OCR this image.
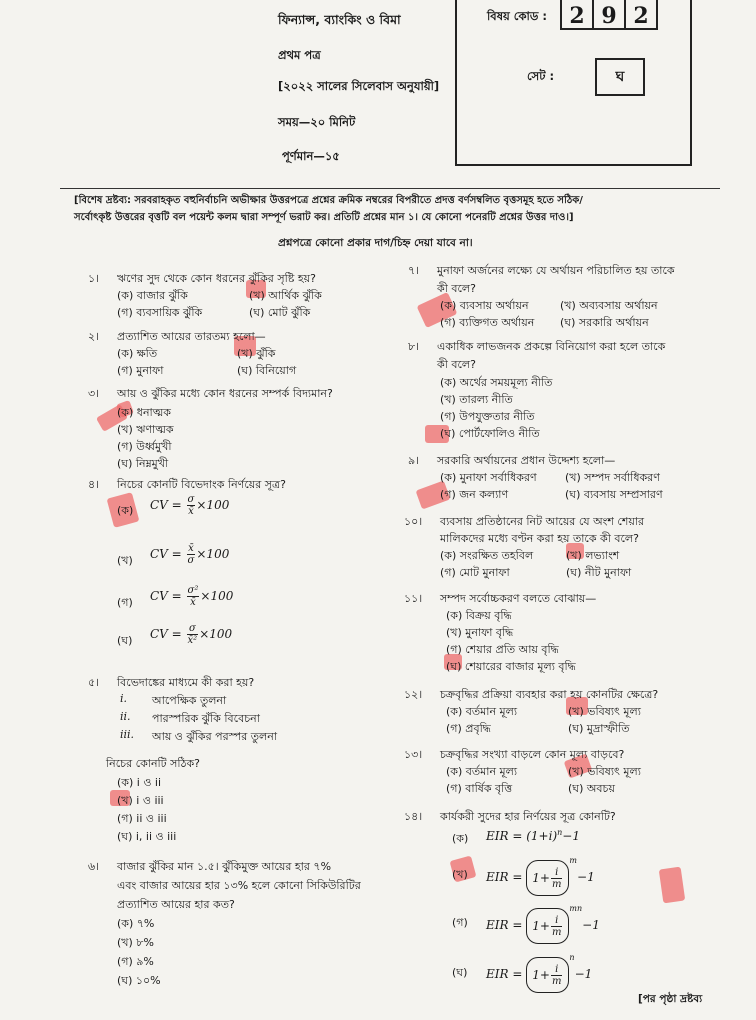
ফিন্যান্স, ব্যাংকিং ও বিমা
প্রথম পত্র
[২০২২ সালের সিলেবাস অনুযায়ী]
সময়—২০ মিনিট
পূর্ণমান—১৫
বিষয় কোড :	2 9 2
সেট :	ঘ
[বিশেষ দ্রষ্টব্য: সরবরাহকৃত বহুনির্বাচনি অভীক্ষার উত্তরপত্রে প্রশ্নের ক্রমিক নম্বরের বিপরীতে প্রদত্ত বর্ণসম্বলিত বৃত্তসমূহ হতে সঠিক/
সর্বোৎকৃষ্ট উত্তরের বৃত্তটি বল পয়েন্ট কলম দ্বারা সম্পূর্ণ ভরাট কর। প্রতিটি প্রশ্নের মান ১। যে কোনো পনেরটি প্রশ্নের উত্তর দাও।]
প্রশ্নপত্রে কোনো প্রকার দাগ/চিহ্ন দেয়া যাবে না।
১। ঋণের সুদ থেকে কোন ধরনের ঝুঁকির সৃষ্টি হয়?
(ক) বাজার ঝুঁকি	(খ) আর্থিক ঝুঁকি
(গ) ব্যবসায়িক ঝুঁকি	(ঘ) মোট ঝুঁকি
২। প্রত্যাশিত আয়ের তারতম্য হলো—
(ক) ক্ষতি	(খ) ঝুঁকি
(গ) মুনাফা	(ঘ) বিনিয়োগ
৩। আয় ও ঝুঁকির মধ্যে কোন ধরনের সম্পর্ক বিদ্যমান?
(ক) ধনাত্মক
(খ) ঋণাত্মক
(গ) উর্ধ্বমুখী
(ঘ) নিম্নমুখী
৪। নিচের কোনটি বিভেদাংক নির্ণয়ের সূত্র?
(ক) CV = $\frac{\sigma}{x̄} \times 100$
(খ) CV = $\frac{x̄}{\sigma} \times 100$
(গ) CV = $\frac{\text{σ²}}{x̄} \times 100$
(ঘ) CV = $\frac{\sigma}{\text{x̄²}} \times 100$
৫। বিভেদাঙ্কের মাধ্যমে কী করা হয়?
i. আপেক্ষিক তুলনা
ii. পারস্পরিক ঝুঁকি বিবেচনা
iii. আয় ও ঝুঁকির পরস্পর তুলনা
নিচের কোনটি সঠিক?
(ক) i ও ii
(খ) i ও iii
(গ) ii ও iii
(ঘ) i, ii ও iii
৬। বাজার ঝুঁকির মান ১.৫। ঝুঁকিমুক্ত আয়ের হার ৭%
এবং বাজার আয়ের হার ১৩% হলে কোনো সিকিউরিটির
প্রত্যাশিত আয়ের হার কত?
(ক) ৭%
(খ) ৮%
(গ) ৯%
(ঘ) ১০%
৭। মুনাফা অর্জনের লক্ষ্যে যে অর্থায়ন পরিচালিত হয় তাকে
কী বলে?
(ক) ব্যবসায় অর্থায়ন	(খ) অব্যবসায় অর্থায়ন
(গ) ব্যক্তিগত অর্থায়ন (ঘ) সরকারি অর্থায়ন
৮। একাধিক লাভজনক প্রকল্পে বিনিয়োগ করা হলে তাকে
কী বলে?
(ক) অর্থের সময়মূল্য নীতি
(খ) তারল্য নীতি
(গ) উপযুক্ততার নীতি
(ঘ) পোর্টফোলিও নীতি
৯। সরকারি অর্থায়নের প্রধান উদ্দেশ্য হলো—
(ক) মুনাফা সর্বাধিকরণ	(খ) সম্পদ সর্বাধিকরণ
(গ) জন কল্যাণ	(ঘ) ব্যবসায় সম্প্রসারণ
১০। ব্যবসায় প্রতিষ্ঠানের নিট আয়ের যে অংশ শেয়ার
মালিকদের মধ্যে বণ্টন করা হয় তাকে কী বলে?
(ক) সংরক্ষিত তহবিল	(খ) লভ্যাংশ
(গ) মোট মুনাফা	(ঘ) নীট মুনাফা
১১। সম্পদ সর্বোচ্চকরণ বলতে বোঝায়—
(ক) বিক্রয় বৃদ্ধি
(খ) মুনাফা বৃদ্ধি
(গ) শেয়ার প্রতি আয় বৃদ্ধি
(ঘ) শেয়ারের বাজার মূল্য বৃদ্ধি
১২। চক্রবৃদ্ধির প্রক্রিয়া ব্যবহার করা হয় কোনটির ক্ষেত্রে?
(ক) বর্তমান মূল্য	(খ) ভবিষ্যৎ মূল্য
(গ) প্রবৃদ্ধি	(ঘ) মুদ্রাস্ফীতি
১৩। চক্রবৃদ্ধির সংখ্যা বাড়লে কোন মূল্য বাড়বে?
(ক) বর্তমান মূল্য	(খ) ভবিষ্যৎ মূল্য
(গ) বার্ষিক বৃত্তি	(ঘ) অবচয়
১৪। কার্যকরী সুদের হার নির্ণয়ের সূত্র কোনটি?
(ক) EIR = $(1+i)^n-1$
(খ) EIR = $1+ \frac{i}{m}$
$^m$−1
(গ) EIR = $1+ \frac{i}{m}$
$^{mn}$−1
(ঘ) EIR = $1+ \frac{i}{m}$
$^n$−1
[পর পৃষ্ঠা দ্রষ্টব্য
